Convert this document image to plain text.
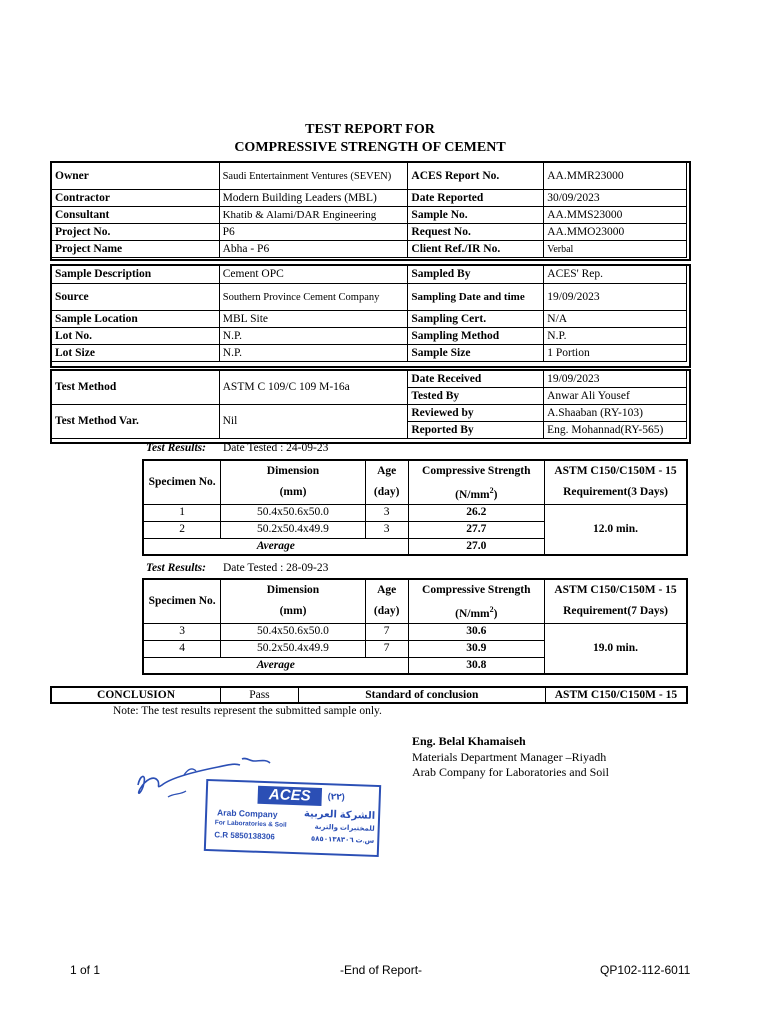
TEST REPORT FOR
COMPRESSIVE STRENGTH OF CEMENT
Owner	Saudi Entertainment Ventures (SEVEN)	ACES Report No.	AA.MMR23000
Contractor	Modern Building Leaders (MBL)	Date Reported	30/09/2023
Consultant	Khatib & Alami/DAR Engineering	Sample No.	AA.MMS23000
Project No.	P6	Request No.	AA.MMO23000
Project Name	Abha - P6	Client Ref./IR No.	Verbal
Sample Description	Cement OPC	Sampled By	ACES' Rep.
Source	Southern Province Cement Company	Sampling Date and time	19/09/2023
Sample Location	MBL Site	Sampling Cert.	N/A
Lot No.	N.P.	Sampling Method	N.P.
Lot Size	N.P.	Sample Size	1 Portion
Test Method	ASTM C 109/C 109 M-16a	Date Received	19/09/2023
		Tested By	Anwar Ali Yousef
Test Method Var.	Nil	Reviewed by	A.Shaaban (RY-103)
		Reported By	Eng. Mohannad(RY-565)
Test Results: Date Tested : 24-09-23
Specimen No.	Dimension	Age	Compressive Strength	ASTM C150/C150M - 15
	(mm)	(day)	$(N/mm^2)$	Requirement(3 Days)
1	50.4x50.6x50.0	3	26.2	12.0 min.
2	50.2x50.4x49.9	3	27.7	
Average			27.0	
Test Results: Date Tested : 28-09-23
Specimen No.	Dimension	Age	Compressive Strength	ASTM C150/C150M - 15
	(mm)	(day)	$(N/mm^2)$	Requirement(7 Days)
3	50.4x50.6x50.0	7	30.6	19.0 min.
4	50.2x50.4x49.9	7	30.9	
Average			30.8	
CONCLUSION	Pass	Standard of conclusion	ASTM C150/C150M - 15
Note: The test results represent the submitted sample only.
Eng. Belal Khamaiseh
Materials Department Manager –Riyadh
Arab Company for Laboratories and Soil
ACES	(٢٢)
Arab Company
For Laboratories & Soil
C.R 5850138306
الشركة العربية
للمختبرات والتربة
س.ت ٥٨٥٠١٣٨٣٠٦
1 of 1	-End of Report-	QP102-112-6011
